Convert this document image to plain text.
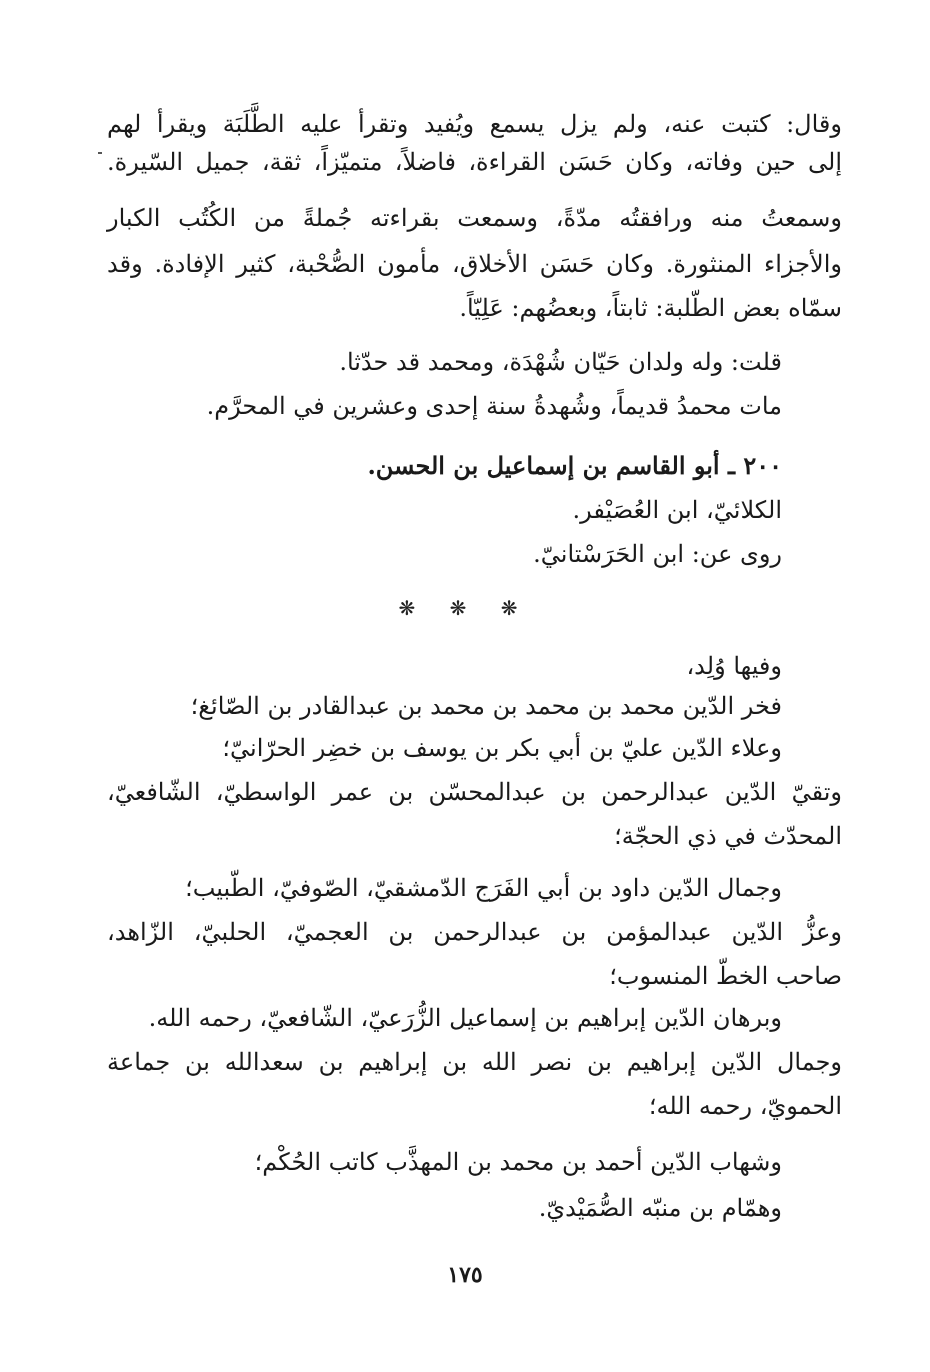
وقال: كتبت عنه، ولم يزل يسمع ويُفيد وتقرأ عليه الطَّلَبَة ويقرأ لهم
إلى حين وفاته، وكان حَسَن القراءة، فاضلاً، متميّزاً، ثقة، جميل السّيرة.
وسمعتُ منه ورافقتُه مدّةً، وسمعت بقراءته جُملةً من الكُتُب الكبار
والأجزاء المنثورة. وكان حَسَن الأخلاق، مأمون الصُّحْبة، كثير الإفادة. وقد
سمّاه بعض الطّلبة: ثابتاً، وبعضُهم: عَلِيّاً.
قلت: وله ولدان حَيّان شُهْدَة، ومحمد قد حدّثا.
مات محمدُ قديماً، وشُهدةُ سنة إحدى وعشرين في المحرَّم.
٢٠٠ ـ أبو القاسم بن إسماعيل بن الحسن.
الكلائيّ، ابن العُصَيْفر.
روى عن: ابن الحَرَسْتانيّ.
❋ ❋ ❋
وفيها وُلِد،
فخر الدّين محمد بن محمد بن محمد بن عبدالقادر بن الصّائغ؛
وعلاء الدّين عليّ بن أبي بكر بن يوسف بن خضِر الحرّانيّ؛
وتقيّ الدّين عبدالرحمن بن عبدالمحسّن بن عمر الواسطيّ، الشّافعيّ،
المحدّث في ذي الحجّة؛
وجمال الدّين داود بن أبي الفَرَج الدّمشقيّ، الصّوفيّ، الطّبيب؛
وعزُّ الدّين عبدالمؤمن بن عبدالرحمن بن العجميّ، الحلبيّ، الزّاهد،
صاحب الخطّ المنسوب؛
وبرهان الدّين إبراهيم بن إسماعيل الزُّرَعيّ، الشّافعيّ، رحمه الله.
وجمال الدّين إبراهيم بن نصر الله بن إبراهيم بن سعدالله بن جماعة
الحمويّ، رحمه الله؛
وشهاب الدّين أحمد بن محمد بن المهذَّب كاتب الحُكْم؛
وهمّام بن منبّه الصُّمَيْديّ.
١٧٥
